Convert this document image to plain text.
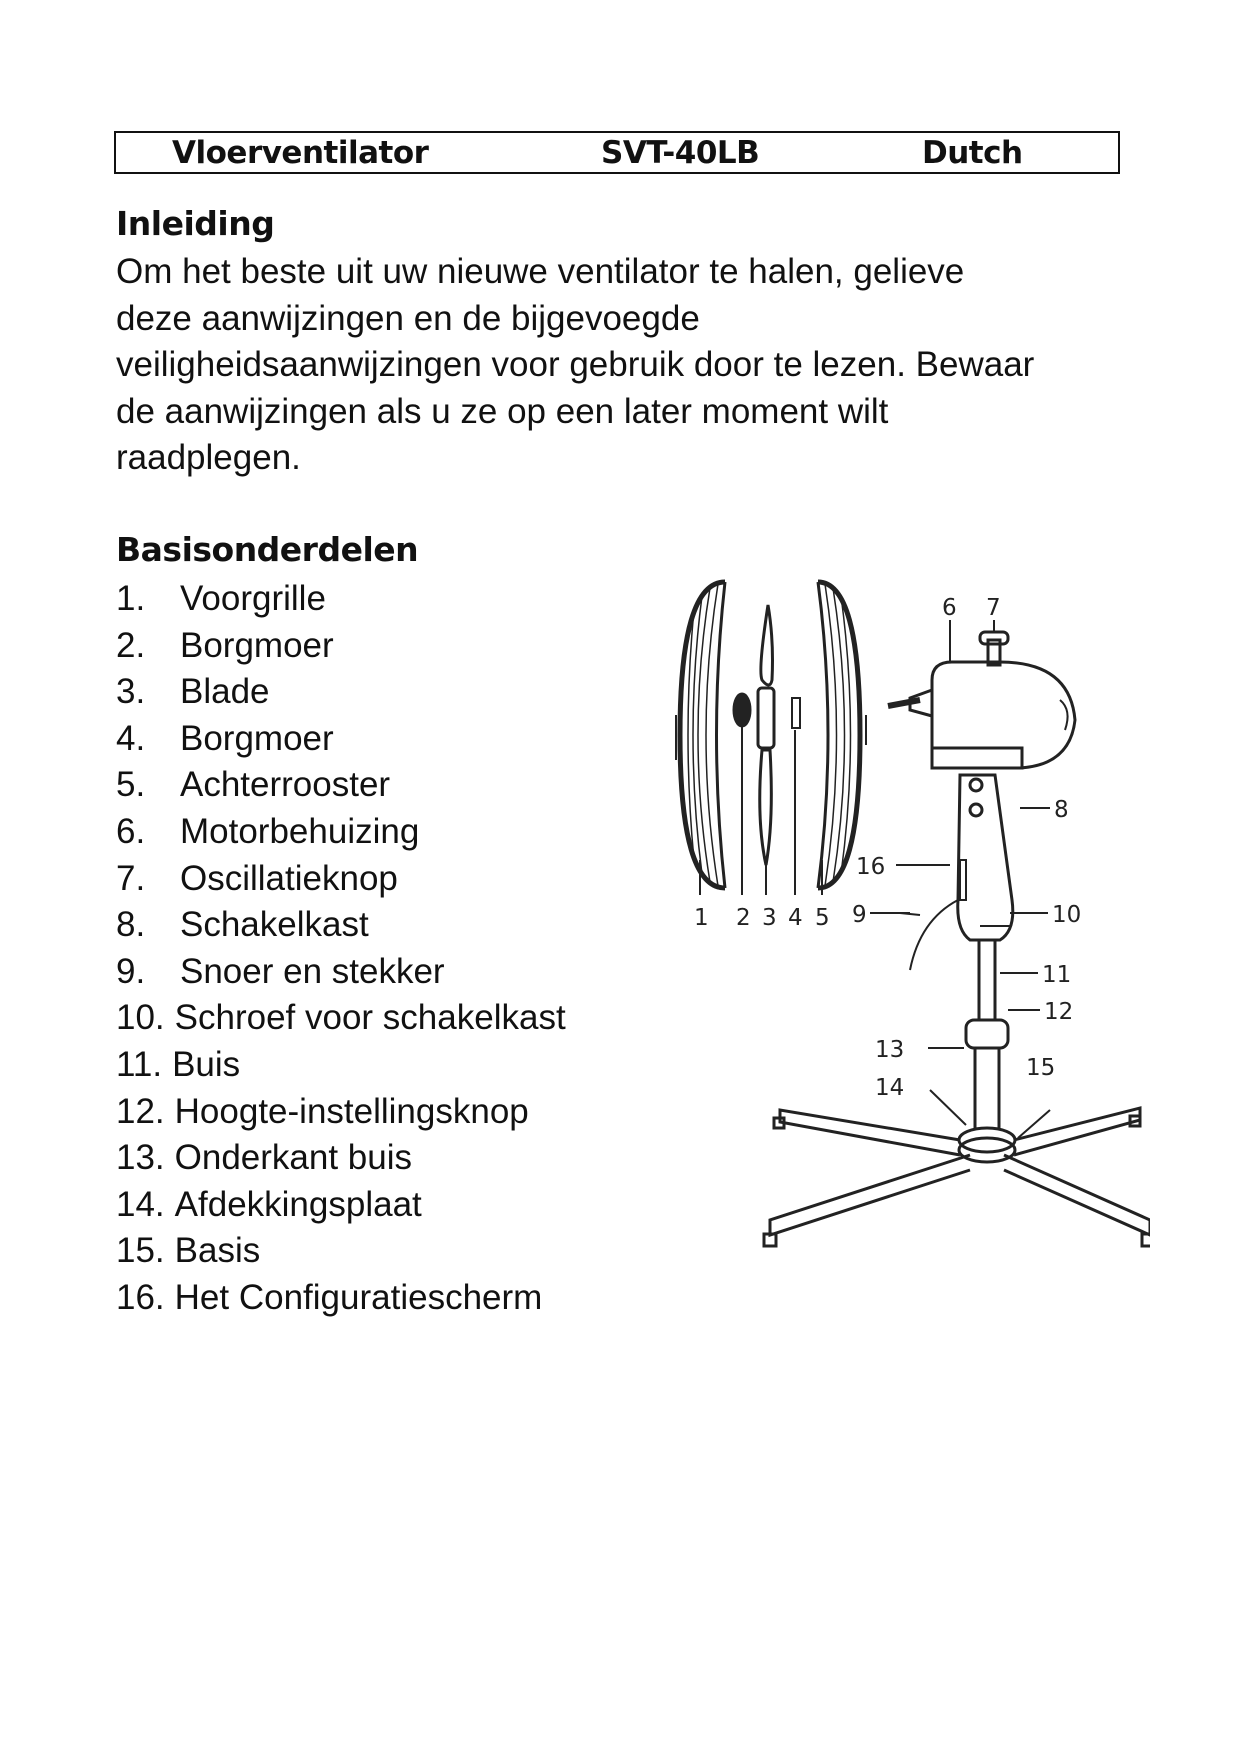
Vloerventilator	SVT-40LB	Dutch
Inleiding

Om het beste uit uw nieuwe ventilator te halen, gelieve
deze aanwijzingen en de bijgevoegde
veiligheidsaanwijzingen voor gebruik door te lezen. Bewaar
de aanwijzingen als u ze op een later moment wilt
raadplegen.

Basisonderdelen
1. Voorgrille
2. Borgmoer
3. Blade
4. Borgmoer
5. Achterrooster
6. Motorbehuizing
7. Oscillatieknop
8. Schakelkast
9. Snoer en stekker
10. Schroef voor schakelkast
11. Buis
12. Hoogte-instellingsknop
13. Onderkant buis
14. Afdekkingsplaat
15. Basis
16. Het Configuratiescherm
1 2 3 4 5
6 7
8
9	10
11
12
13
14
15
16
